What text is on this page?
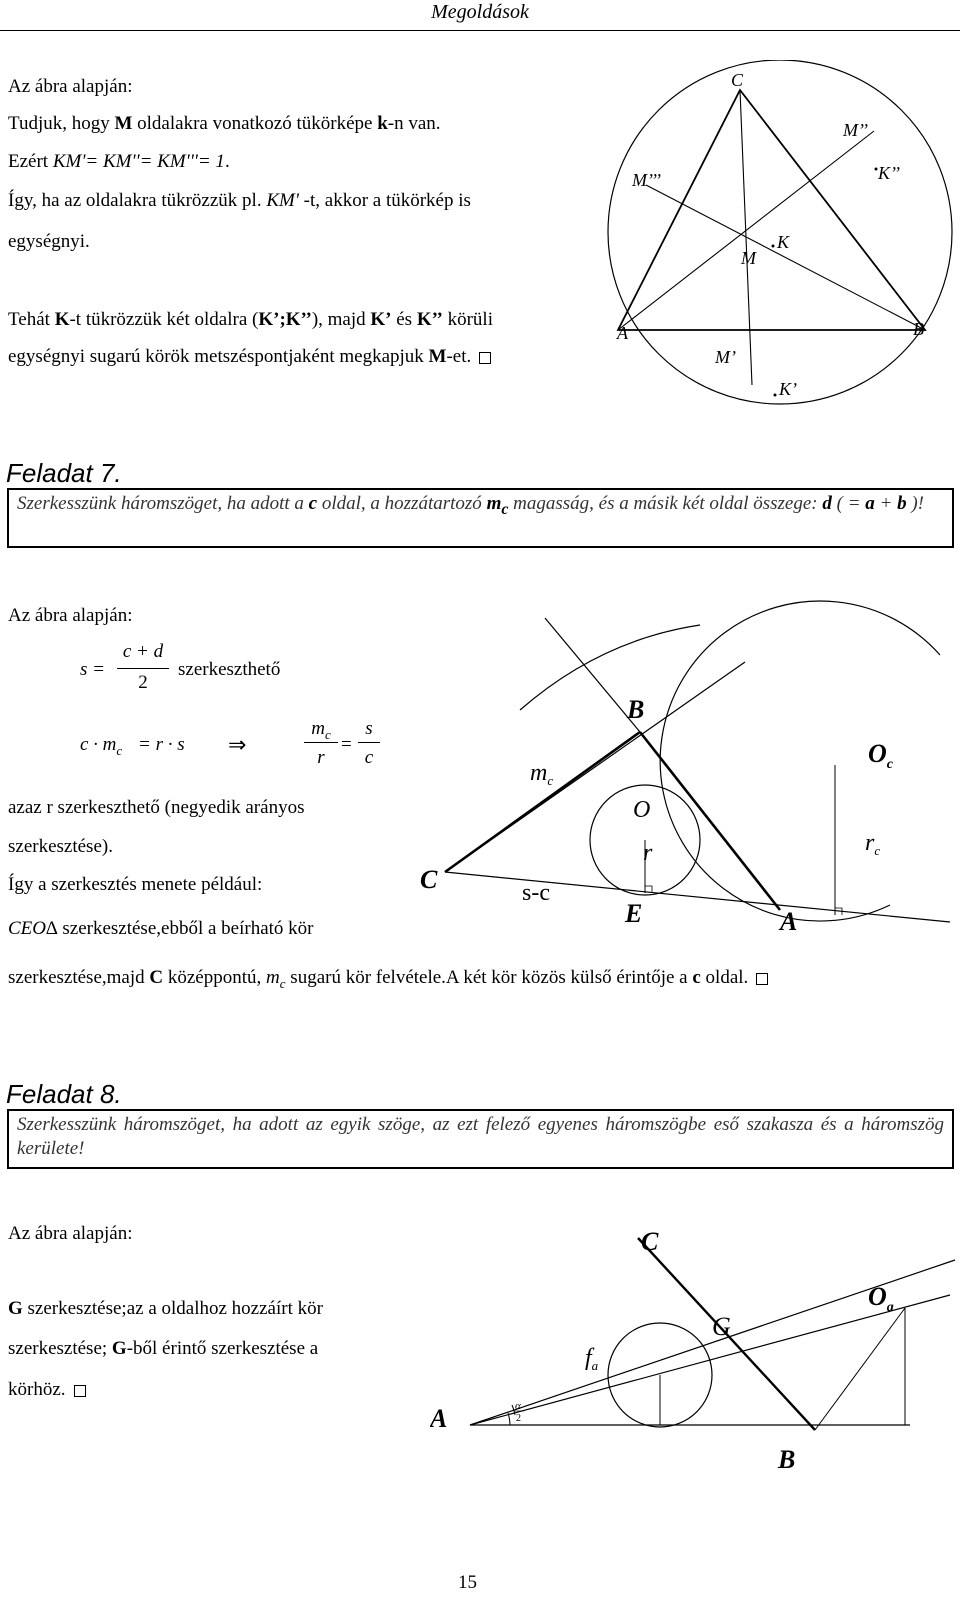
Megoldások
Az ábra alapján:
Tudjuk, hogy M oldalakra vonatkozó tükörképe k-n van.
Ezért KM'= KM''= KM'''= 1.
Így, ha az oldalakra tükrözzük pl. KM' -t, akkor a tükörkép is
egységnyi.
Tehát K-t tükrözzük két oldalra (K’;K’’), majd K’ és K’’ körüli
egységnyi sugarú körök metszéspontjaként megkapjuk M-et.
C
A	B
M’’
K’’
M’’’
M
K
M’
K’
Feladat 7.
Szerkesszünk háromszöget, ha adott a c oldal, a hozzátartozó $m_c$ magasság, és a másik két oldal összege: d ( = a + b )!
Az ábra alapján:
s =
c + d
2
szerkeszthető
$c \cdot m_c = r \cdot s$ ⇒
$m_c$
r
=
s
c
azaz r szerkeszthető (negyedik arányos
szerkesztése).
Így a szerkesztés menete például:
CEO∆ szerkesztése,ebből a beírható kör
szerkesztése,majd C középpontú, $m_c$ sugarú kör felvétele.A két kör közös külső érintője a c oldal.
B
$O_c$
$m_c$
O
r	$r_c$
C	s-c
E	A
Feladat 8.
Szerkesszünk háromszöget, ha adott az egyik szöge, az ezt felező egyenes háromszögbe eső szakasza és a háromszög kerülete!
Az ábra alapján:
G szerkesztése;az a oldalhoz hozzáírt kör
szerkesztése; G-ből érintő szerkesztése a
körhöz.
C
$O_a$
G
$f_a$
A	α
2
B
15
